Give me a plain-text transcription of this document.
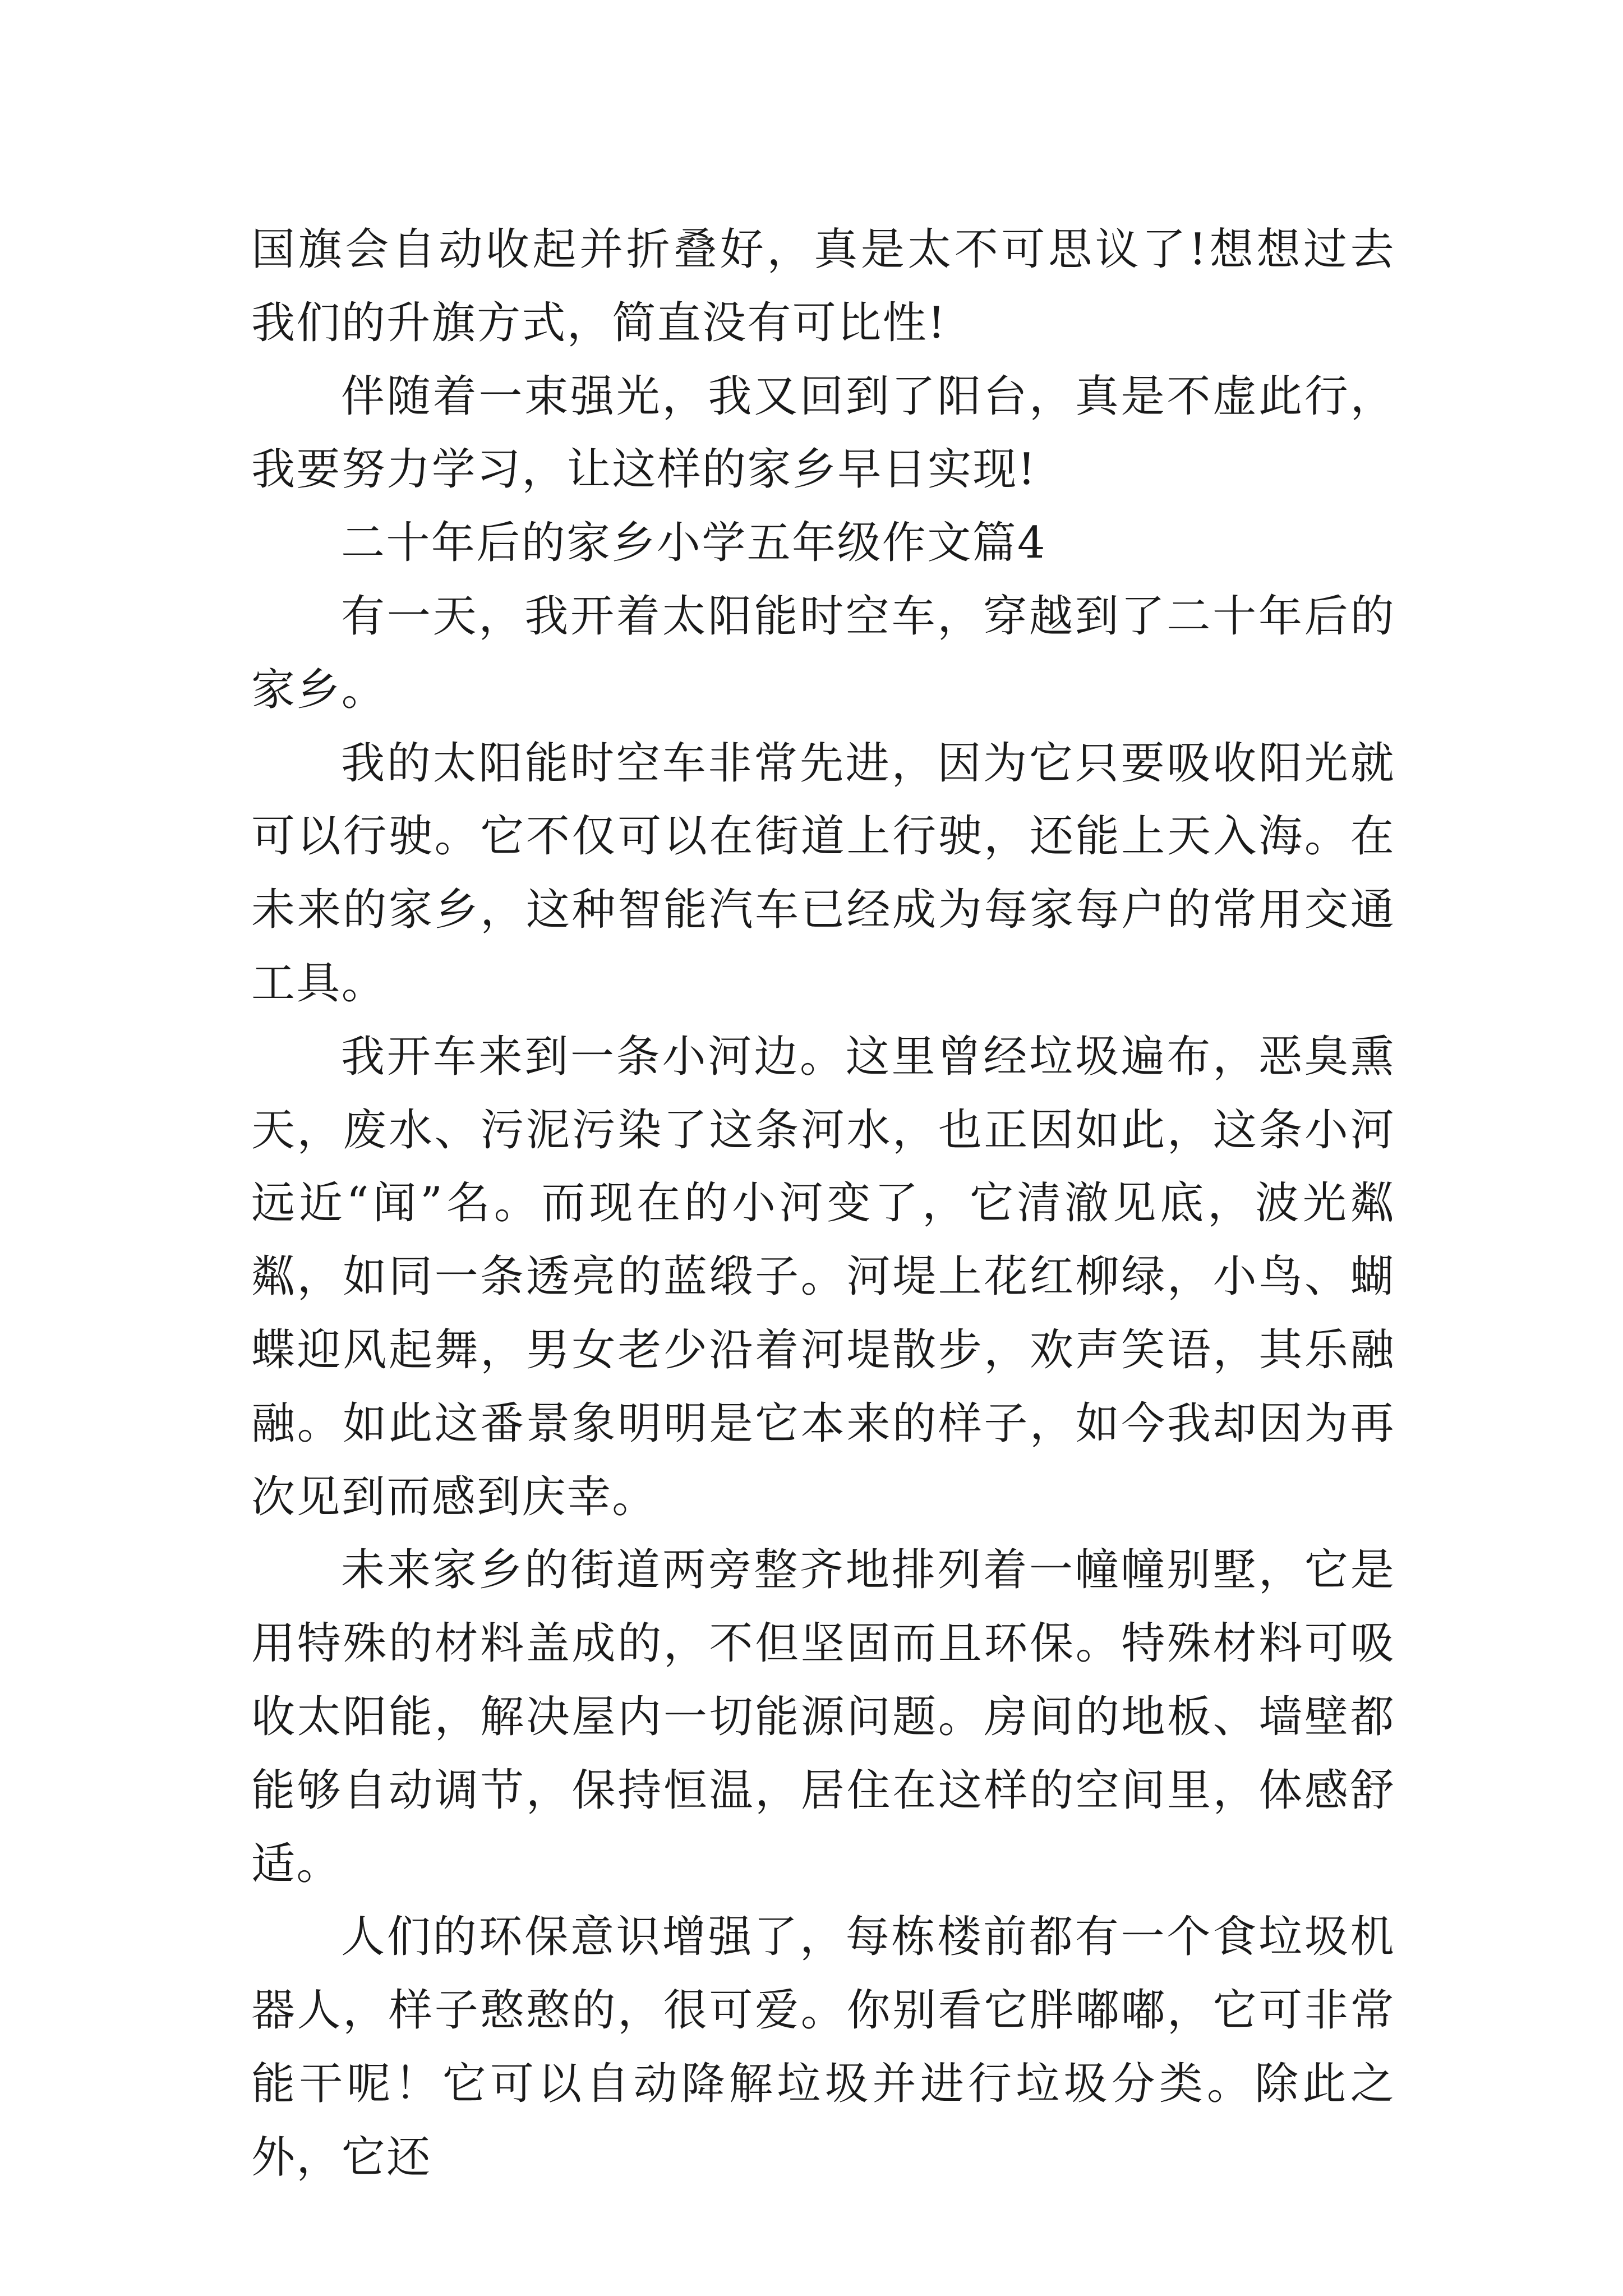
国旗会自动收起并折叠好，真是太不可思议了!想想过去我们的升旗方式，简直没有可比性!

伴随着一束强光，我又回到了阳台，真是不虚此行，我要努力学习，让这样的家乡早日实现!

二十年后的家乡小学五年级作文篇4

有一天，我开着太阳能时空车，穿越到了二十年后的家乡。

我的太阳能时空车非常先进，因为它只要吸收阳光就可以行驶。它不仅可以在街道上行驶，还能上天入海。在未来的家乡，这种智能汽车已经成为每家每户的常用交通工具。

我开车来到一条小河边。这里曾经垃圾遍布，恶臭熏天，废水、污泥污染了这条河水，也正因如此，这条小河远近“闻”名。而现在的小河变了，它清澈见底，波光粼粼，如同一条透亮的蓝缎子。河堤上花红柳绿，小鸟、蝴蝶迎风起舞，男女老少沿着河堤散步，欢声笑语，其乐融融。如此这番景象明明是它本来的样子，如今我却因为再次见到而感到庆幸。

未来家乡的街道两旁整齐地排列着一幢幢别墅，它是用特殊的材料盖成的，不但坚固而且环保。特殊材料可吸收太阳能，解决屋内一切能源问题。房间的地板、墙壁都能够自动调节，保持恒温，居住在这样的空间里，体感舒适。

人们的环保意识增强了，每栋楼前都有一个食垃圾机器人，样子憨憨的，很可爱。你别看它胖嘟嘟，它可非常能干呢！它可以自动降解垃圾并进行垃圾分类。除此之外，它还
